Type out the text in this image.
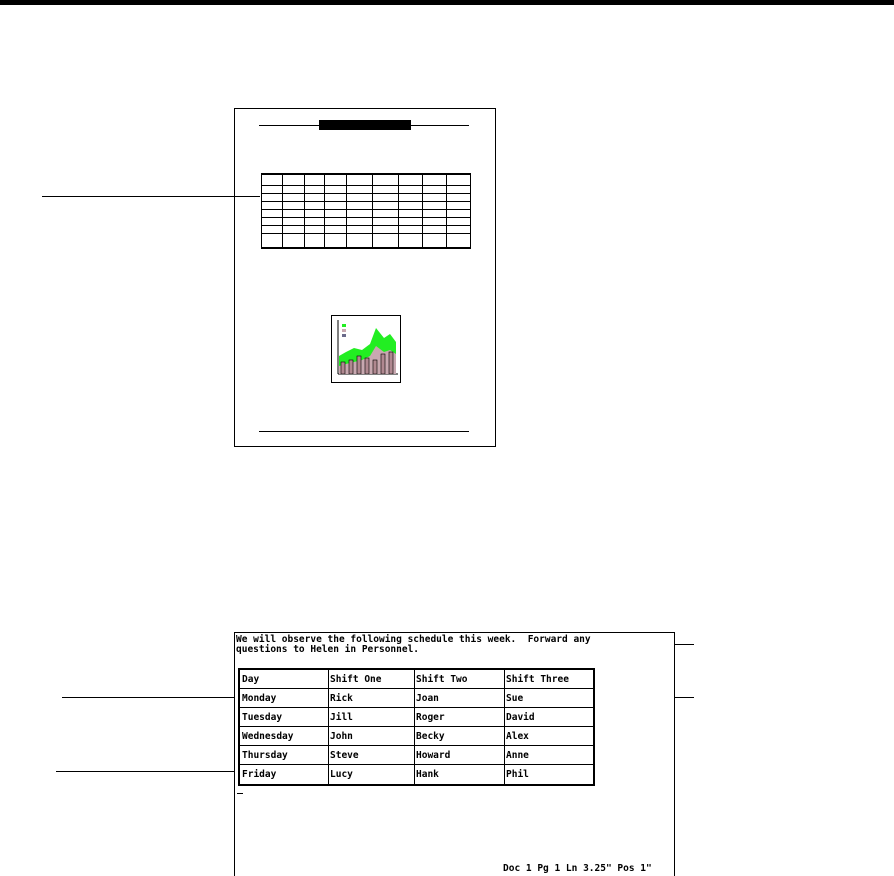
We will observe the following schedule this week.  Forward any
questions to Helen in Personnel.
Day	Shift One	Shift Two	Shift Three
Monday	Rick	Joan	Sue
Tuesday	Jill	Roger	David
Wednesday	John	Becky	Alex
Thursday	Steve	Howard	Anne
Friday	Lucy	Hank	Phil
Doc 1 Pg 1 Ln 3.25" Pos 1"
